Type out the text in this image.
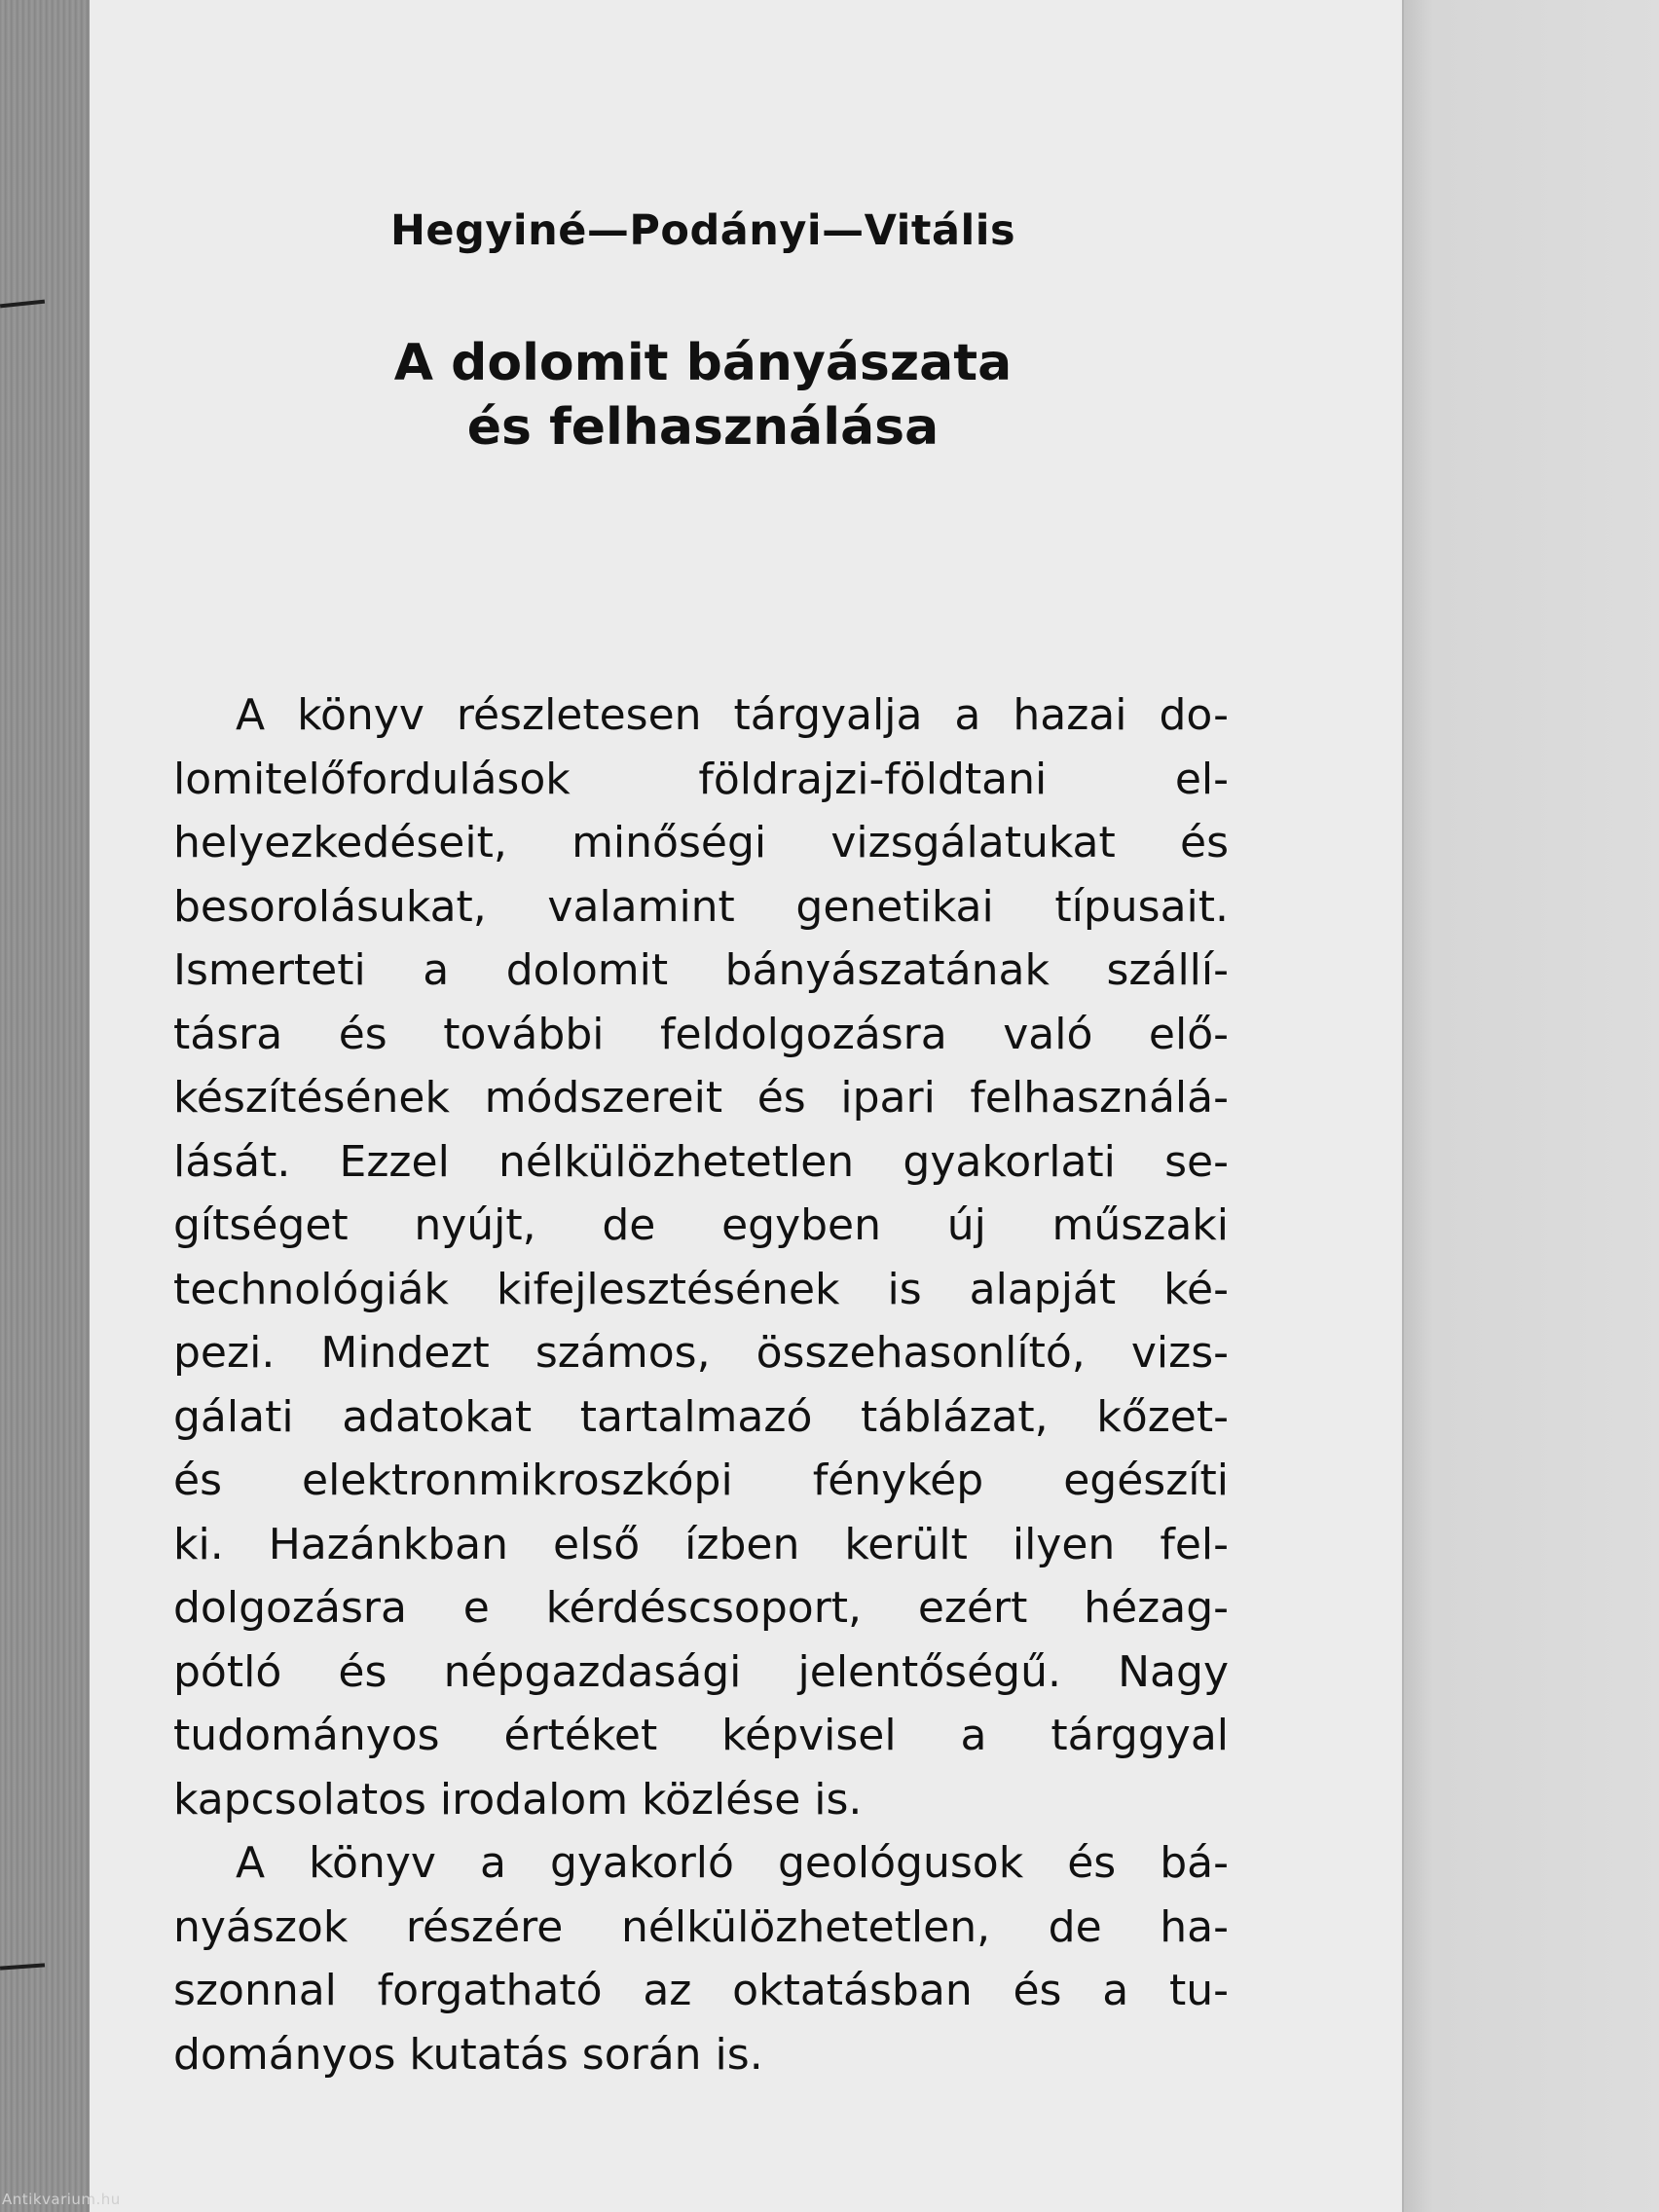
Hegyiné—Podányi—Vitális
A dolomit bányászata
és felhasználása
A könyv részletesen tárgyalja a hazai do-
lomitelőfordulások földrajzi-földtani el-
helyezkedéseit, minőségi vizsgálatukat és
besorolásukat, valamint genetikai típusait.
Ismerteti a dolomit bányászatának szállí-
tásra és további feldolgozásra való elő-
készítésének módszereit és ipari felhasználá-
lását. Ezzel nélkülözhetetlen gyakorlati se-
gítséget nyújt, de egyben új műszaki
technológiák kifejlesztésének is alapját ké-
pezi. Mindezt számos, összehasonlító, vizs-
gálati adatokat tartalmazó táblázat, kőzet-
és elektronmikroszkópi fénykép egészíti
ki. Hazánkban első ízben került ilyen fel-
dolgozásra e kérdéscsoport, ezért hézag-
pótló és népgazdasági jelentőségű. Nagy
tudományos értéket képvisel a tárggyal
kapcsolatos irodalom közlése is.
A könyv a gyakorló geológusok és bá-
nyászok részére nélkülözhetetlen, de ha-
szonnal forgatható az oktatásban és a tu-
dományos kutatás során is.
Antikvarium.hu
